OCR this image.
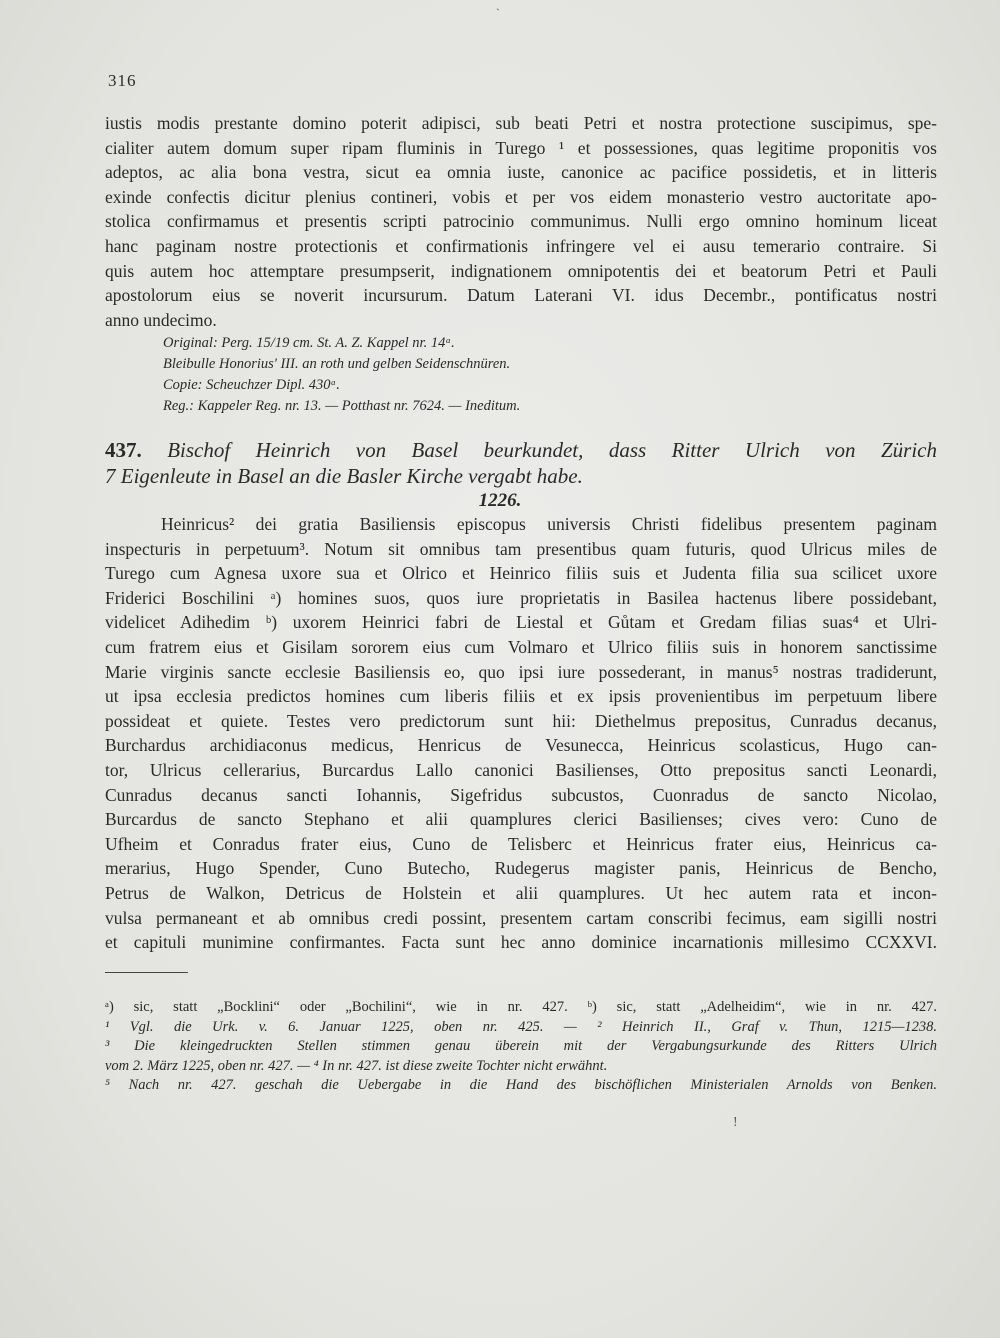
`
316
iustis modis prestante domino poterit adipisci, sub beati Petri et nostra protectione suscipimus, spe-
cialiter autem domum super ripam fluminis in Turego ¹ et possessiones, quas legitime proponitis vos
adeptos, ac alia bona vestra, sicut ea omnia iuste, canonice ac pacifice possidetis, et in litteris
exinde confectis dicitur plenius contineri, vobis et per vos eidem monasterio vestro auctoritate apo-
stolica confirmamus et presentis scripti patrocinio communimus. Nulli ergo omnino hominum liceat
hanc paginam nostre protectionis et confirmationis infringere vel ei ausu temerario contraire. Si
quis autem hoc attemptare presumpserit, indignationem omnipotentis dei et beatorum Petri et Pauli
apostolorum eius se noverit incursurum. Datum Laterani VI. idus Decembr., pontificatus nostri
anno undecimo.
Original: Perg. 15/19 cm. St. A. Z. Kappel nr. 14ᵃ.
Bleibulle Honorius' III. an roth und gelben Seidenschnüren.
Copie: Scheuchzer Dipl. 430ᵃ.
Reg.: Kappeler Reg. nr. 13. — Potthast nr. 7624. — Ineditum.
437. Bischof Heinrich von Basel beurkundet, dass Ritter Ulrich von Zürich
7 Eigenleute in Basel an die Basler Kirche vergabt habe.
1226.
Heinricus² dei gratia Basiliensis episcopus universis Christi fidelibus presentem paginam
inspecturis in perpetuum³. Notum sit omnibus tam presentibus quam futuris, quod Ulricus miles de
Turego cum Agnesa uxore sua et Olrico et Heinrico filiis suis et Judenta filia sua scilicet uxore
Friderici Boschilini ᵃ) homines suos, quos iure proprietatis in Basilea hactenus libere possidebant,
videlicet Adihedim ᵇ) uxorem Heinrici fabri de Liestal et Gůtam et Gredam filias suas⁴ et Ulri-
cum fratrem eius et Gisilam sororem eius cum Volmaro et Ulrico filiis suis in honorem sanctissime
Marie virginis sancte ecclesie Basiliensis eo, quo ipsi iure possederant, in manus⁵ nostras tradiderunt,
ut ipsa ecclesia predictos homines cum liberis filiis et ex ipsis provenientibus im perpetuum libere
possideat et quiete. Testes vero predictorum sunt hii: Diethelmus prepositus, Cunradus decanus,
Burchardus archidiaconus medicus, Henricus de Vesunecca, Heinricus scolasticus, Hugo can-
tor, Ulricus cellerarius, Burcardus Lallo canonici Basilienses, Otto prepositus sancti Leonardi,
Cunradus decanus sancti Iohannis, Sigefridus subcustos, Cuonradus de sancto Nicolao,
Burcardus de sancto Stephano et alii quamplures clerici Basilienses; cives vero: Cuno de
Ufheim et Conradus frater eius, Cuno de Telisberc et Heinricus frater eius, Heinricus ca-
merarius, Hugo Spender, Cuno Butecho, Rudegerus magister panis, Heinricus de Bencho,
Petrus de Walkon, Detricus de Holstein et alii quamplures. Ut hec autem rata et incon-
vulsa permaneant et ab omnibus credi possint, presentem cartam conscribi fecimus, eam sigilli nostri
et capituli munimine confirmantes. Facta sunt hec anno dominice incarnationis millesimo CCXXVI.
ᵃ) sic, statt „Bocklini“ oder „Bochilini“, wie in nr. 427. ᵇ) sic, statt „Adelheidim“, wie in nr. 427.
¹ Vgl. die Urk. v. 6. Januar 1225, oben nr. 425. — ² Heinrich II., Graf v. Thun, 1215—1238.
³ Die kleingedruckten Stellen stimmen genau überein mit der Vergabungsurkunde des Ritters Ulrich
vom 2. März 1225, oben nr. 427. — ⁴ In nr. 427. ist diese zweite Tochter nicht erwähnt.
⁵ Nach nr. 427. geschah die Uebergabe in die Hand des bischöflichen Ministerialen Arnolds von Benken.
!
